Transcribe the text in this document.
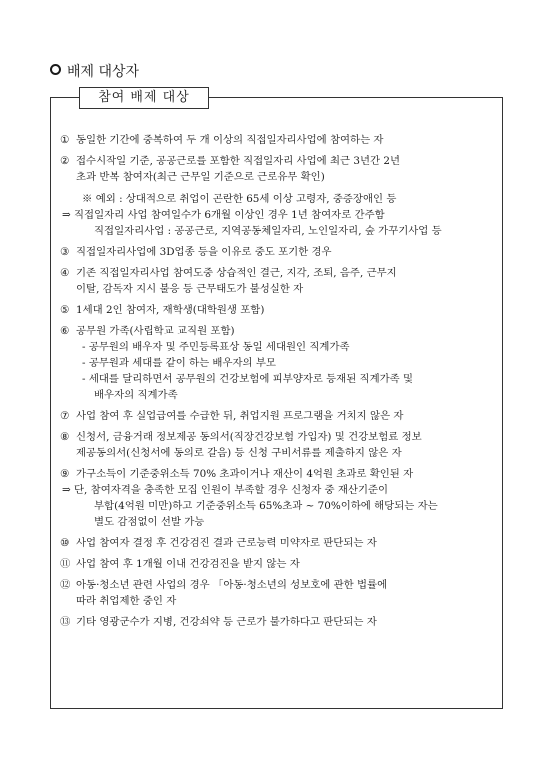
배제 대상자
참여 배제 대상
① 동일한 기간에 중복하여 두 개 이상의 직접일자리사업에 참여하는 자
② 접수시작일 기준, 공공근로를 포함한 직접일자리 사업에 최근 3년간 2년
초과 반복 참여자(최근 근무일 기준으로 근로유무 확인)
※ 예외 : 상대적으로 취업이 곤란한 65세 이상 고령자, 중증장애인 등
⇒ 직접일자리 사업 참여일수가 6개월 이상인 경우 1년 참여자로 간주함
직접일자리사업 : 공공근로, 지역공동체일자리, 노인일자리, 숲 가꾸기사업 등
③ 직접일자리사업에 3D업종 등을 이유로 중도 포기한 경우
④ 기존 직접일자리사업 참여도중 상습적인 결근, 지각, 조퇴, 음주, 근무지
이탈, 감독자 지시 불응 등 근무태도가 불성실한 자
⑤ 1세대 2인 참여자, 재학생(대학원생 포함)
⑥ 공무원 가족(사립학교 교직원 포함)
- 공무원의 배우자 및 주민등록표상 동일 세대원인 직계가족
- 공무원과 세대를 같이 하는 배우자의 부모
- 세대를 달리하면서 공무원의 건강보험에 피부양자로 등재된 직계가족 및
배우자의 직계가족
⑦ 사업 참여 후 실업급여를 수급한 뒤, 취업지원 프로그램을 거치지 않은 자
⑧ 신청서, 금융거래 정보제공 동의서(직장건강보험 가입자) 및 건강보험료 정보
제공동의서(신청서에 동의로 갈음) 등 신청 구비서류를 제출하지 않은 자
⑨ 가구소득이 기준중위소득 70% 초과이거나 재산이 4억원 초과로 확인된 자
⇒ 단, 참여자격을 충족한 모집 인원이 부족할 경우 신청자 중 재산기준이
부합(4억원 미만)하고 기준중위소득 65%초과 ~ 70%이하에 해당되는 자는
별도 감점없이 선발 가능
⑩ 사업 참여자 결정 후 건강검진 결과 근로능력 미약자로 판단되는 자
⑪ 사업 참여 후 1개월 이내 건강검진을 받지 않는 자
⑫ 아동·청소년 관련 사업의 경우 「아동·청소년의 성보호에 관한 법률에
따라 취업제한 중인 자
⑬ 기타 영광군수가 지병, 건강쇠약 등 근로가 불가하다고 판단되는 자
